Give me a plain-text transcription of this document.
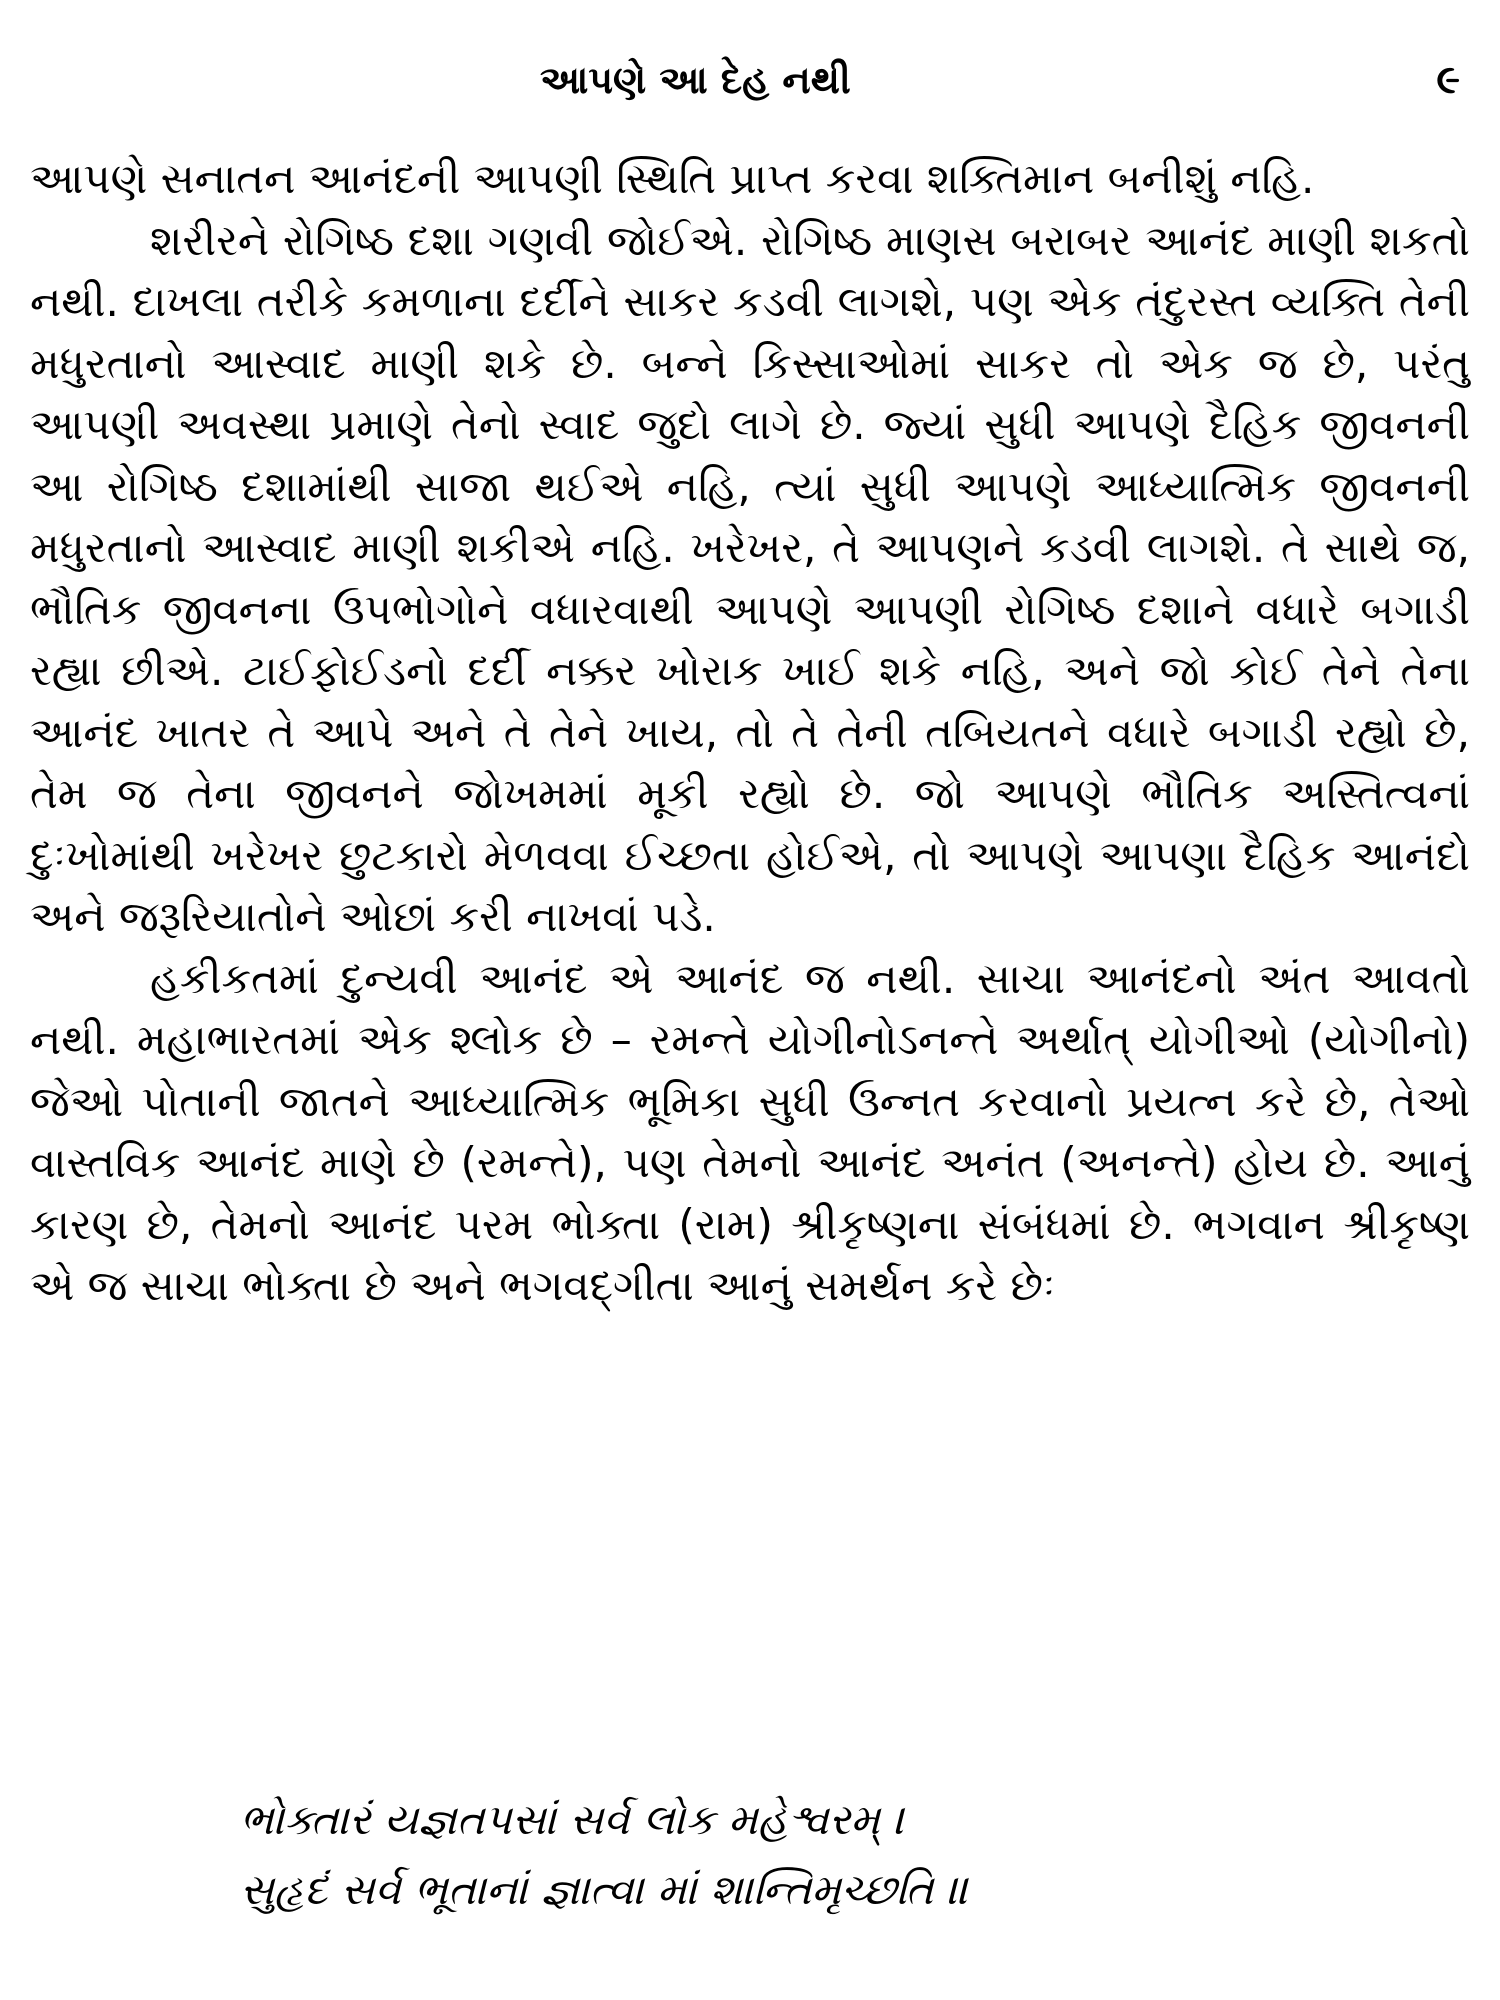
આપણે આ દેહ નથી	૯

આપણે સનાતન આનંદની આપણી સ્થિતિ પ્રાપ્ત કરવા શક્તિમાન બનીશું નહિ.

શરીરને રોગિષ્ઠ દશા ગણવી જોઈએ. રોગિષ્ઠ માણસ બરાબર આનંદ માણી શકતો નથી. દાખલા તરીકે કમળાના દર્દીને સાકર કડવી લાગશે, પણ એક તંદુરસ્ત વ્યક્તિ તેની મધુરતાનો આસ્વાદ માણી શકે છે. બન્ને કિસ્સાઓમાં સાકર તો એક જ છે, પરંતુ આપણી અવસ્થા પ્રમાણે તેનો સ્વાદ જુદો લાગે છે. જ્યાં સુધી આપણે દૈહિક જીવનની આ રોગિષ્ઠ દશામાંથી સાજા થઈએ નહિ, ત્યાં સુધી આપણે આધ્યાત્મિક જીવનની મધુરતાનો આસ્વાદ માણી શકીએ નહિ. ખરેખર, તે આપણને કડવી લાગશે. તે સાથે જ, ભૌતિક જીવનના ઉપભોગોને વધારવાથી આપણે આપણી રોગિષ્ઠ દશાને વધારે બગાડી રહ્યા છીએ. ટાઈફોઈડનો દર્દી નક્કર ખોરાક ખાઈ શકે નહિ, અને જો કોઈ તેને તેના આનંદ ખાતર તે આપે અને તે તેને ખાય, તો તે તેની તબિયતને વધારે બગાડી રહ્યો છે, તેમ જ તેના જીવનને જોખમમાં મૂકી રહ્યો છે. જો આપણે ભૌતિક અસ્તિત્વનાં દુઃખોમાંથી ખરેખર છુટકારો મેળવવા ઈચ્છતા હોઈએ, તો આપણે આપણા દૈહિક આનંદો અને જરૂરિયાતોને ઓછાં કરી નાખવાં પડે.

હકીકતમાં દુન્યવી આનંદ એ આનંદ જ નથી. સાચા આનંદનો અંત આવતો નથી. મહાભારતમાં એક શ્લોક છે – રમન્તે યોગીનોઽનન્તે અર્થાત્ યોગીઓ (યોગીનો) જેઓ પોતાની જાતને આધ્યાત્મિક ભૂમિકા સુધી ઉન્નત કરવાનો પ્રયત્ન કરે છે, તેઓ વાસ્તવિક આનંદ માણે છે (રમન્તે), પણ તેમનો આનંદ અનંત (અનન્તે) હોય છે. આનું કારણ છે, તેમનો આનંદ પરમ ભોક્તા (રામ) શ્રીકૃષ્ણના સંબંધમાં છે. ભગવાન શ્રીકૃષ્ણ એ જ સાચા ભોક્તા છે અને ભગવદ્ગીતા આનું સમર્થન કરે છેઃ

ભોક્તારં યજ્ઞતપસાં સર્વ લોક મહેશ્વરમ્ ।
સુહૃદં સર્વ ભૂતાનાં જ્ઞાત્વા માં શાન્તિમૃચ્છતિ ॥
